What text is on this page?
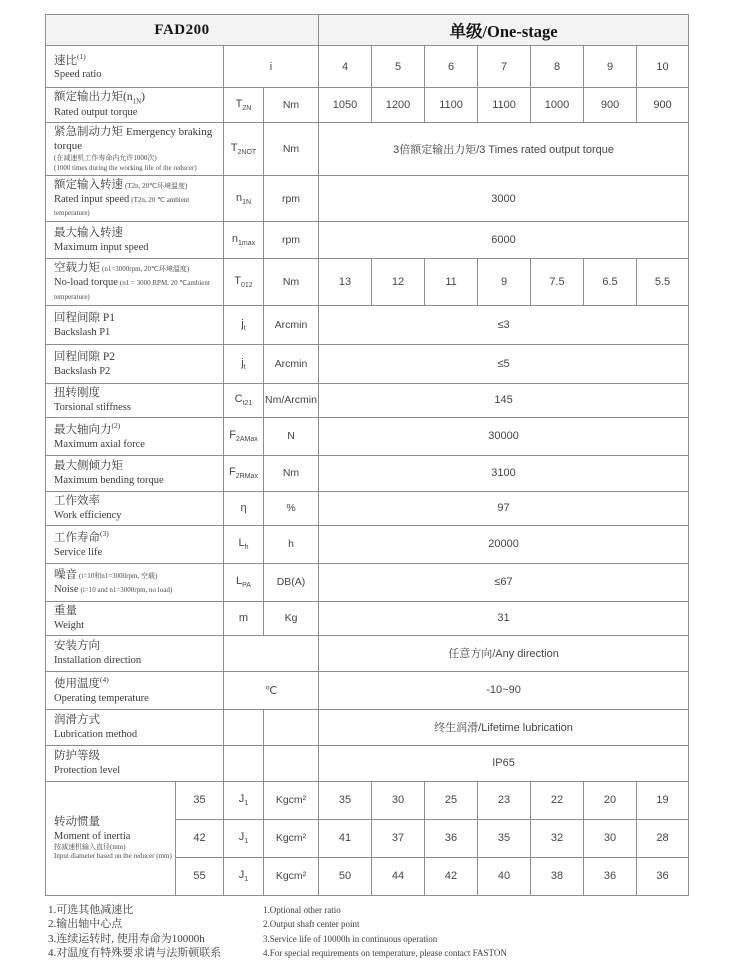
FAD200				单级/One-stage						

速比$^{(1)}$
Speed ratio		i		4	5	6	7	8	9	10

额定输出力矩$(n_{1N})$
Rated output torque		$T_{2N}$	Nm	1050	1200	1100	1100	1000	900	900

紧急制动力矩 Emergency braking torque
(在减速机工作寿命内允许1000次)
(1000 times during the working life of the reducer)		$T_{2NOT}$	Nm	3倍额定输出力矩/3 Times rated output torque						

额定输入转速 (T2n, 20℃环境温度)
Rated input speed (T2n, 20 ℃ ambient temperature)		$n_{1N}$	rpm	3000						

最大输入转速
Maximum input speed		$n_{1max}$	rpm	6000						

空载力矩 (n1=3000rpm, 20℃环境温度)
No-load torque (n1 = 3000 RPM, 20 ℃ambient temperature)		$T_{012}$	Nm	13	12	11	9	7.5	6.5	5.5

回程间隙 P1
Backslash P1		$j_t$	Arcmin	≤3						

回程间隙 P2
Backslash P2		$j_t$	Arcmin	≤5						

扭转刚度
Torsional stiffness		$C_{t21}$	Nm/Arcmin	145						

最大轴向力$^{(2)}$
Maximum axial force		$F_{2AMax}$	N	30000						

最大侧倾力矩
Maximum bending torque		$F_{2RMax}$	Nm	3100						

工作效率
Work efficiency		η	%	97						

工作寿命$^{(3)}$
Service life		$L_h$	h	20000						

噪音 (i=10和n1=3000rpm, 空载)
Noise (i=10 and n1=3000rpm, no load)		$L_{PA}$	DB(A)	≤67						

重量
Weight		m	Kg	31						

安装方向
Installation direction				任意方向/Any direction						

使用温度$^{(4)}$
Operating temperature		℃		-10~90						

润滑方式
Lubrication method				终生润滑/Lifetime lubrication						

防护等级
Protection level				IP65						

转动惯量
Moment of inertia
按减速机输入直径(mm)
Input diameter based on the reducer (mm)	35	$J_1$	Kgcm²	35	30	25	23	22	20	19
	42	$J_1$	Kgcm²	41	37	36	35	32	30	28
	55	$J_1$	Kgcm²	50	44	42	40	38	36	36
1.可选其他减速比
2.输出轴中心点
3.连续运转时, 使用寿命为10000h
4.对温度有特殊要求请与法斯顿联系
1.Optional other ratio
2.Output shaft center point
3.Service life of 10000h in continuous operation
4.For special requirements on temperature, please contact FASTON
